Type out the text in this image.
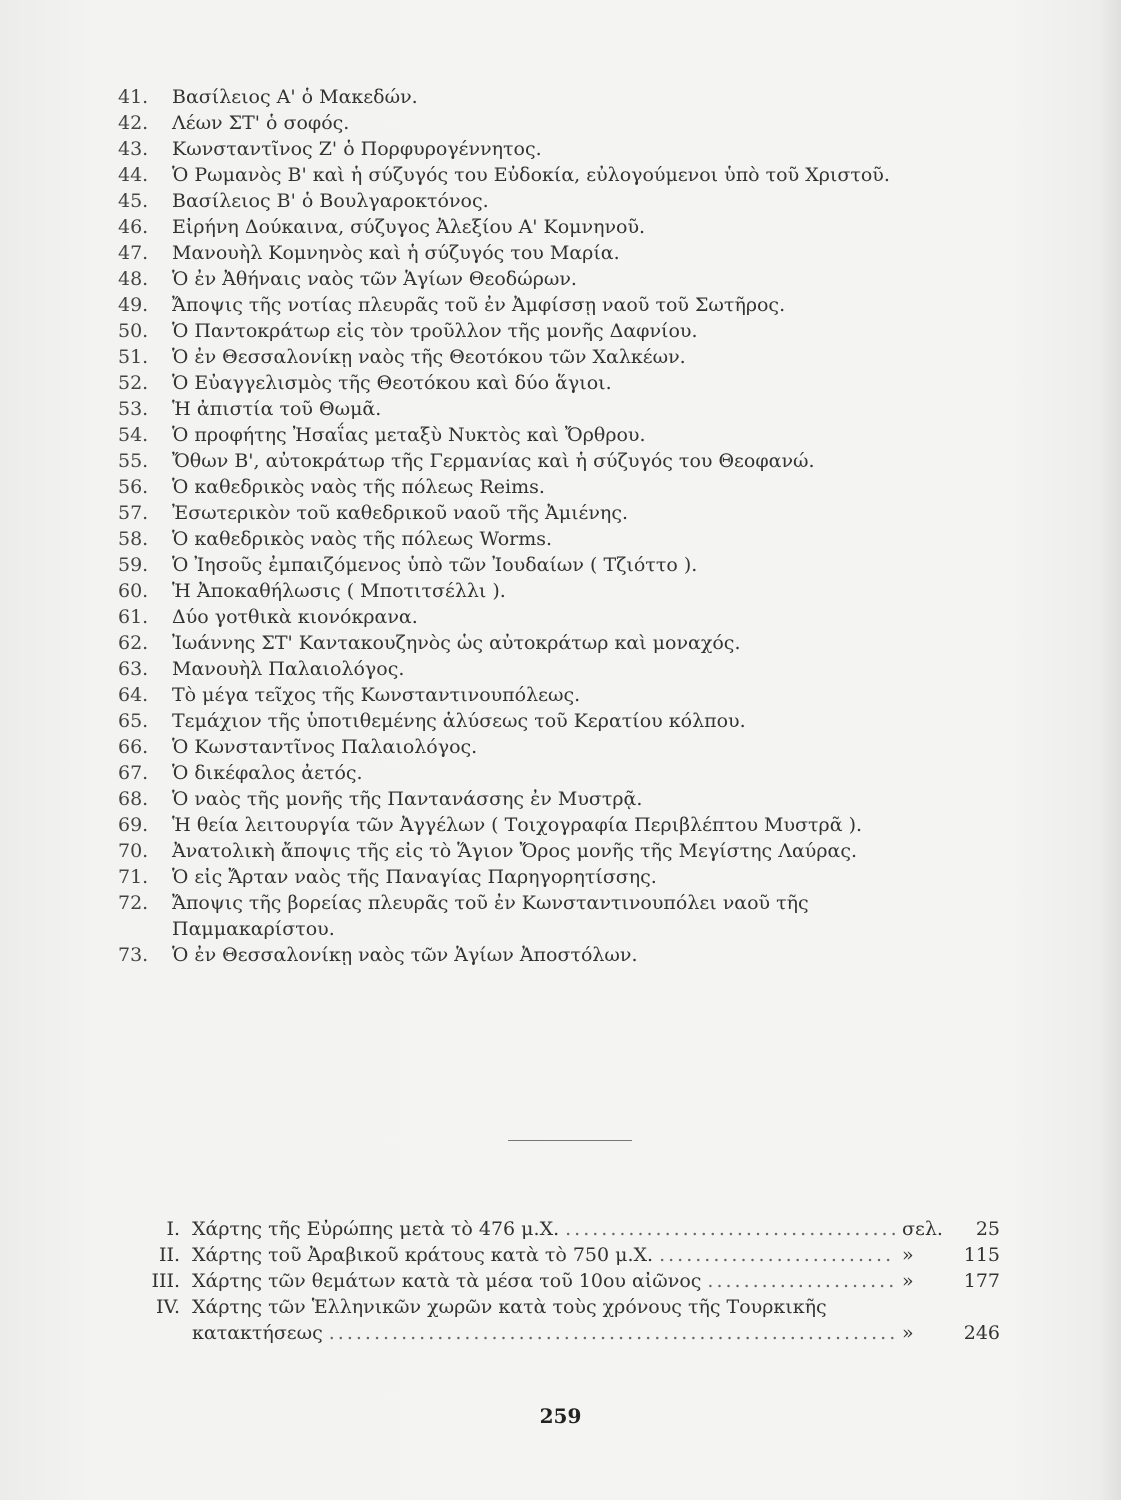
41.	Βασίλειος Α' ὁ Μακεδών.
42.	Λέων ΣΤ' ὁ σοφός.
43.	Κωνσταντῖνος Ζ' ὁ Πορφυρογέννητος.
44.	Ὁ Ρωμανὸς Β' καὶ ἡ σύζυγός του Εὐδοκία, εὐλογούμενοι ὑπὸ τοῦ Χριστοῦ.
45.	Βασίλειος Β' ὁ Βουλγαροκτόνος.
46.	Εἰρήνη Δούκαινα, σύζυγος Ἀλεξίου Α' Κομνηνοῦ.
47.	Μανουὴλ Κομνηνὸς καὶ ἡ σύζυγός του Μαρία.
48.	Ὁ ἐν Ἀθήναις ναὸς τῶν Ἁγίων Θεοδώρων.
49.	Ἄποψις τῆς νοτίας πλευρᾶς τοῦ ἐν Ἀμφίσσῃ ναοῦ τοῦ Σωτῆρος.
50.	Ὁ Παντοκράτωρ εἰς τὸν τροῦλλον τῆς μονῆς Δαφνίου.
51.	Ὁ ἐν Θεσσαλονίκῃ ναὸς τῆς Θεοτόκου τῶν Χαλκέων.
52.	Ὁ Εὐαγγελισμὸς τῆς Θεοτόκου καὶ δύο ἅγιοι.
53.	Ἡ ἀπιστία τοῦ Θωμᾶ.
54.	Ὁ προφήτης Ἠσαΐας μεταξὺ Νυκτὸς καὶ Ὄρθρου.
55.	Ὄθων Β', αὐτοκράτωρ τῆς Γερμανίας καὶ ἡ σύζυγός του Θεοφανώ.
56.	Ὁ καθεδρικὸς ναὸς τῆς πόλεως Reims.
57.	Ἐσωτερικὸν τοῦ καθεδρικοῦ ναοῦ τῆς Ἀμιένης.
58.	Ὁ καθεδρικὸς ναὸς τῆς πόλεως Worms.
59.	Ὁ Ἰησοῦς ἐμπαιζόμενος ὑπὸ τῶν Ἰουδαίων ( Τζιόττο ).
60.	Ἡ Ἀποκαθήλωσις ( Μποτιτσέλλι ).
61.	Δύο γοτθικὰ κιονόκρανα.
62.	Ἰωάννης ΣΤ' Καντακουζηνὸς ὡς αὐτοκράτωρ καὶ μοναχός.
63.	Μανουὴλ Παλαιολόγος.
64.	Τὸ μέγα τεῖχος τῆς Κωνσταντινουπόλεως.
65.	Τεμάχιον τῆς ὑποτιθεμένης ἁλύσεως τοῦ Κερατίου κόλπου.
66.	Ὁ Κωνσταντῖνος Παλαιολόγος.
67.	Ὁ δικέφαλος ἀετός.
68.	Ὁ ναὸς τῆς μονῆς τῆς Παντανάσσης ἐν Μυστρᾷ.
69.	Ἡ θεία λειτουργία τῶν Ἀγγέλων ( Τοιχογραφία Περιβλέπτου Μυστρᾶ ).
70.	Ἀνατολικὴ ἄποψις τῆς εἰς τὸ Ἅγιον Ὄρος μονῆς τῆς Μεγίστης Λαύρας.
71.	Ὁ εἰς Ἄρταν ναὸς τῆς Παναγίας Παρηγορητίσσης.
72.	Ἄποψις τῆς βορείας πλευρᾶς τοῦ ἐν Κωνσταντινουπόλει ναοῦ τῆς Παμμακαρίστου.
73.	Ὁ ἐν Θεσσαλονίκῃ ναὸς τῶν Ἁγίων Ἀποστόλων.
I. Χάρτης τῆς Εὐρώπης μετὰ τὸ 476 μ.Χ. .....	σελ.	25
II. Χάρτης τοῦ Ἀραβικοῦ κράτους κατὰ τὸ 750 μ.Χ. .....	»	115
III. Χάρτης τῶν θεμάτων κατὰ τὰ μέσα τοῦ 10ου αἰῶνος .....	»	177
IV. Χάρτης τῶν Ἑλληνικῶν χωρῶν κατὰ τοὺς χρόνους τῆς Τουρκικῆς
κατακτήσεως .....	»	246
259
